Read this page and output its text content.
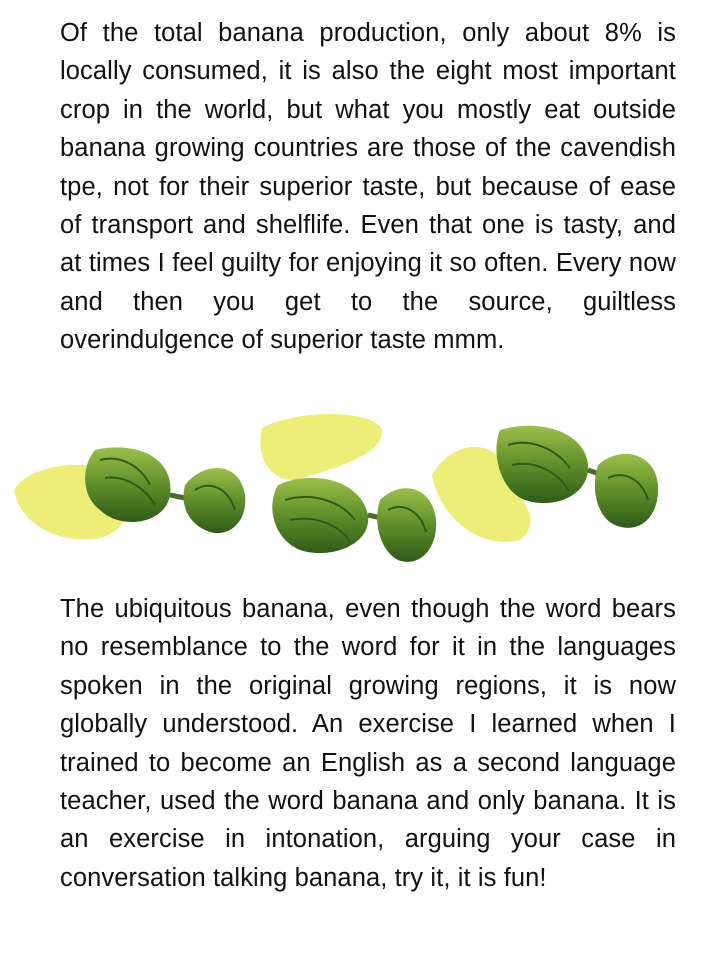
Of the total banana production, only about 8% is locally consumed, it is also the eight most important crop in the world, but what you mostly eat outside banana growing countries are those of the cavendish tpe, not for their superior taste, but because of ease of transport and shelflife. Even that one is tasty, and at times I feel guilty for enjoying it so often. Every now and then you get to the source, guiltless overindulgence of superior taste mmm.

The ubiquitous banana, even though the word bears no resemblance to the word for it in the languages spoken in the original growing regions, it is now globally understood. An exercise I learned when I trained to become an English as a second language teacher, used the word banana and only banana. It is an exercise in intonation, arguing your case in conversation talking banana, try it, it is fun!
